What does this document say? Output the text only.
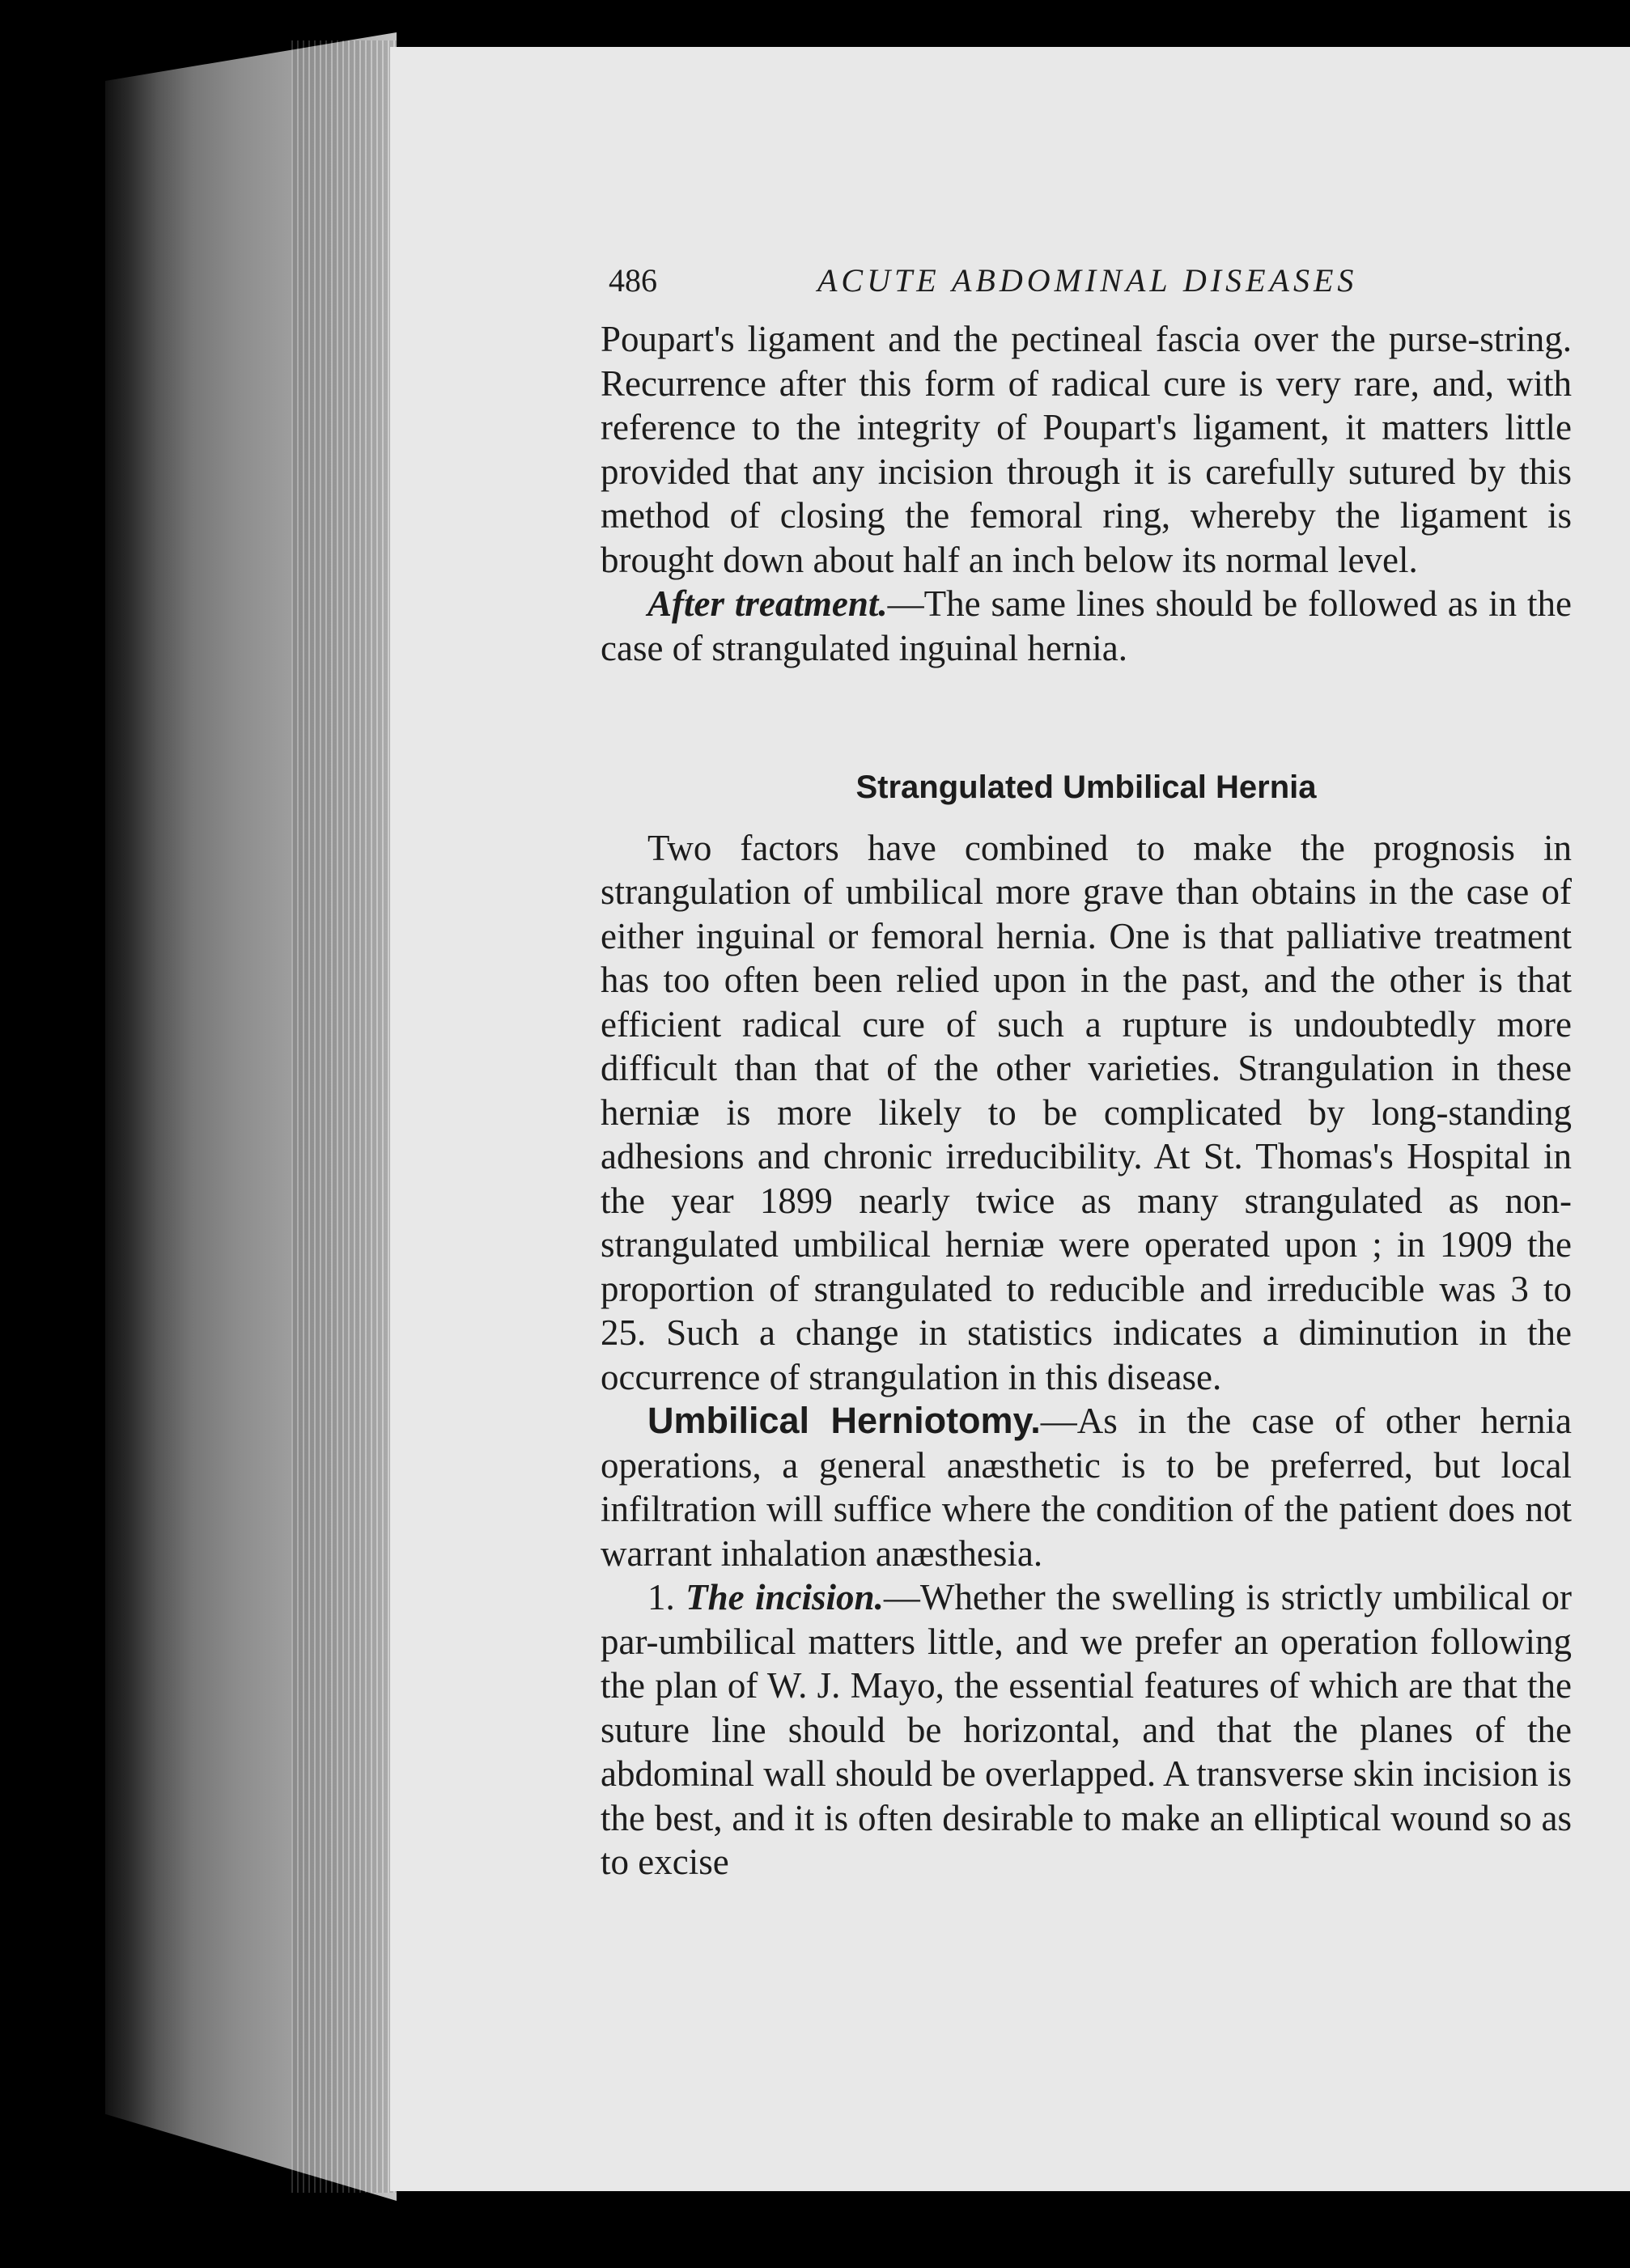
486	ACUTE ABDOMINAL DISEASES

Poupart's ligament and the pectineal fascia over the purse-string. Recurrence after this form of radical cure is very rare, and, with reference to the integrity of Poupart's ligament, it matters little provided that any incision through it is carefully sutured by this method of closing the femoral ring, whereby the ligament is brought down about half an inch below its normal level.

After treatment.—The same lines should be followed as in the case of strangulated inguinal hernia.

Strangulated Umbilical Hernia

Two factors have combined to make the prognosis in strangulation of umbilical more grave than obtains in the case of either inguinal or femoral hernia. One is that palliative treatment has too often been relied upon in the past, and the other is that efficient radical cure of such a rupture is undoubtedly more difficult than that of the other varieties. Strangulation in these herniæ is more likely to be complicated by long-standing adhesions and chronic irreducibility. At St. Thomas's Hospital in the year 1899 nearly twice as many strangulated as non-strangulated umbilical herniæ were operated upon ; in 1909 the proportion of strangulated to reducible and irreducible was 3 to 25. Such a change in statistics indicates a diminution in the occurrence of strangulation in this disease.

Umbilical Herniotomy.—As in the case of other hernia operations, a general anæsthetic is to be preferred, but local infiltration will suffice where the condition of the patient does not warrant inhalation anæsthesia.

1. The incision.—Whether the swelling is strictly umbilical or par-umbilical matters little, and we prefer an operation following the plan of W. J. Mayo, the essential features of which are that the suture line should be horizontal, and that the planes of the abdominal wall should be overlapped. A transverse skin incision is the best, and it is often desirable to make an elliptical wound so as to excise
